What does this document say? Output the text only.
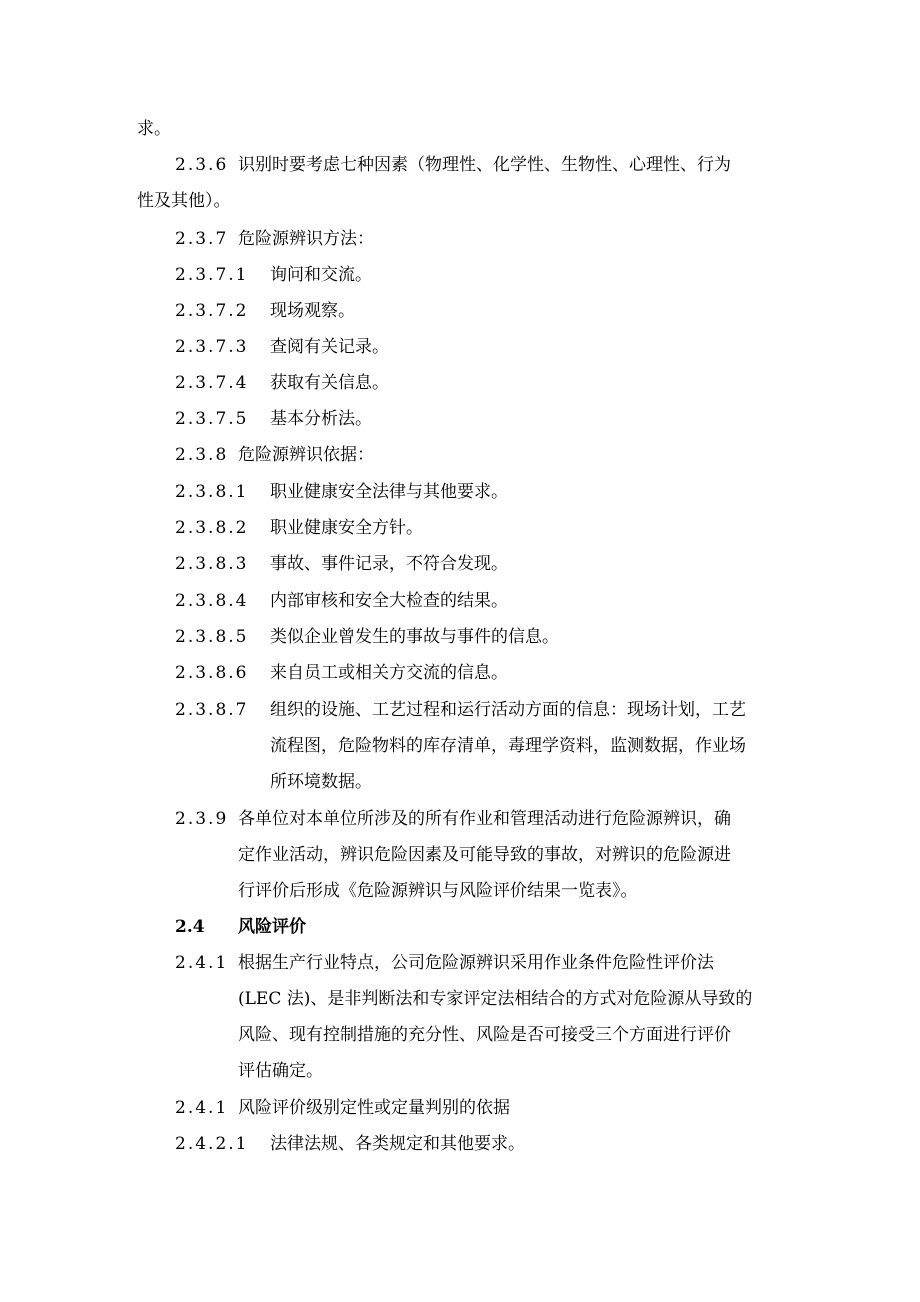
求。
2.3.6 识别时要考虑七种因素（物理性、化学性、生物性、心理性、行为
性及其他）。
2.3.7 危险源辨识方法：
2.3.7.1 询问和交流。
2.3.7.2 现场观察。
2.3.7.3 查阅有关记录。
2.3.7.4 获取有关信息。
2.3.7.5 基本分析法。
2.3.8 危险源辨识依据：
2.3.8.1 职业健康安全法律与其他要求。
2.3.8.2 职业健康安全方针。
2.3.8.3 事故、事件记录，不符合发现。
2.3.8.4 内部审核和安全大检查的结果。
2.3.8.5 类似企业曾发生的事故与事件的信息。
2.3.8.6 来自员工或相关方交流的信息。
2.3.8.7 组织的设施、工艺过程和运行活动方面的信息：现场计划，工艺
流程图，危险物料的库存清单，毒理学资料，监测数据，作业场
所环境数据。
2.3.9 各单位对本单位所涉及的所有作业和管理活动进行危险源辨识，确
定作业活动，辨识危险因素及可能导致的事故，对辨识的危险源进
行评价后形成《危险源辨识与风险评价结果一览表》。
2.4 风险评价
2.4.1 根据生产行业特点，公司危险源辨识采用作业条件危险性评价法
(LEC 法)、是非判断法和专家评定法相结合的方式对危险源从导致的
风险、现有控制措施的充分性、风险是否可接受三个方面进行评价
评估确定。
2.4.1 风险评价级别定性或定量判别的依据
2.4.2.1 法律法规、各类规定和其他要求。
